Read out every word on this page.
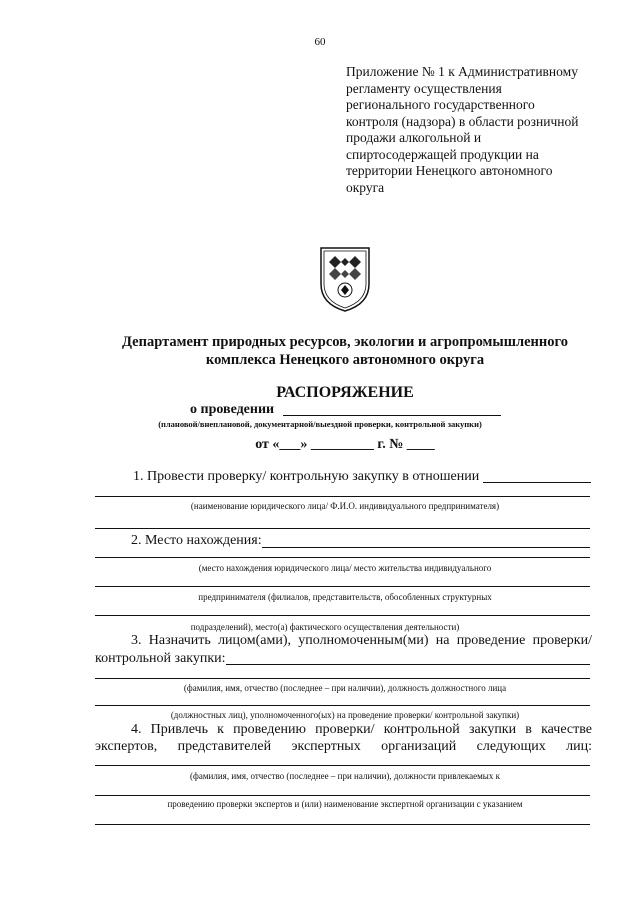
60
Приложение № 1 к Административному
регламенту осуществления
регионального государственного
контроля (надзора) в области розничной
продажи алкогольной и
спиртосодержащей продукции на
территории Ненецкого автономного
округа
Департамент природных ресурсов, экологии и агропромышленного
комплекса Ненецкого автономного округа
РАСПОРЯЖЕНИЕ
о проведении
(плановой/внеплановой, документарной/выездной проверки, контрольной закупки)
от «___» _________ г. № ____
1. Провести проверку/ контрольную закупку в отношении
(наименование юридического лица/ Ф.И.О. индивидуального предпринимателя)
2. Место нахождения:
(место нахождения юридического лица/ место жительства индивидуального
предпринимателя (филиалов, представительств, обособленных структурных
подразделений), место(а) фактического осуществления деятельности)
3. Назначить лицом(ами), уполномоченным(ми) на проведение проверки/
контрольной закупки:
(фамилия, имя, отчество (последнее – при наличии), должность должностного лица
(должностных лиц), уполномоченного(ых) на проведение проверки/ контрольной закупки)
4. Привлечь к проведению проверки/ контрольной закупки в качестве
экспертов, представителей экспертных организаций следующих лиц:
(фамилия, имя, отчество (последнее – при наличии), должности привлекаемых к
проведению проверки экспертов и (или) наименование экспертной организации с указанием
